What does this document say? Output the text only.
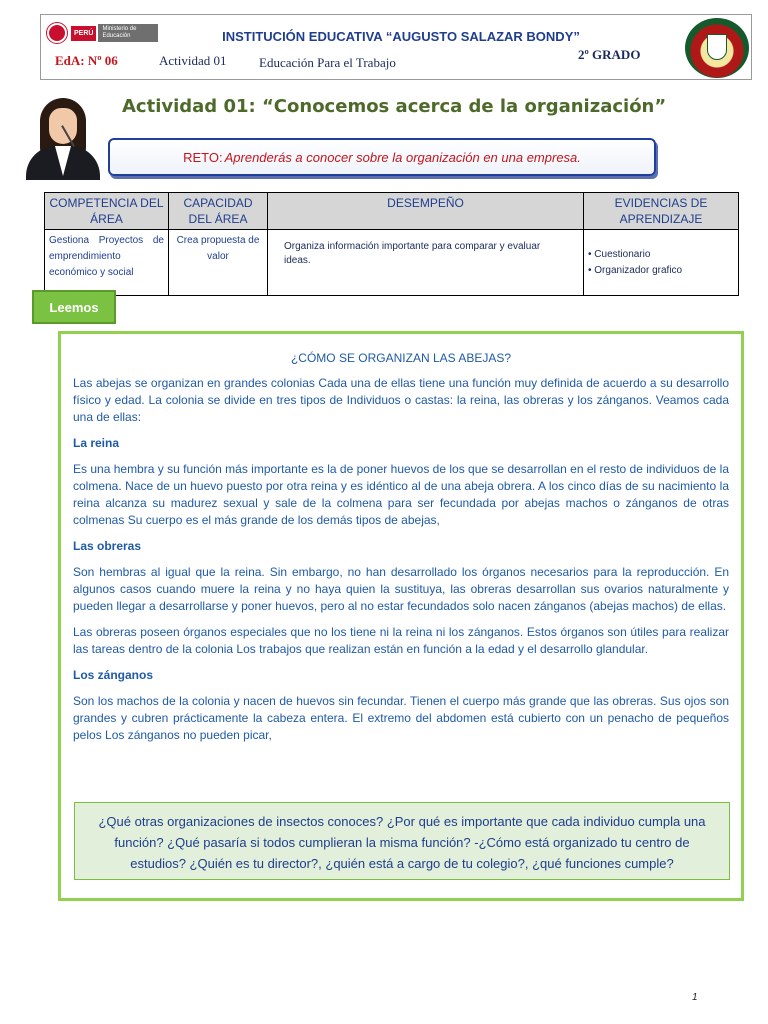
PERÚ
Ministerio de Educación	INSTITUCIÓN EDUCATIVA “AUGUSTO SALAZAR BONDY”
EdA: Nº 06	Actividad 01 Educación Para el Trabajo
2º GRADO
Actividad 01: “Conocemos acerca de la organización”
RETO: Aprenderás a conocer sobre la organización en una empresa.
COMPETENCIA DEL ÁREA	CAPACIDAD DEL ÁREA	DESEMPEÑO	EVIDENCIAS DE APRENDIZAJE
Gestiona Proyectos de emprendimiento económico y social	Crea propuesta de valor	Organiza información importante para comparar y evaluar ideas.	• Cuestionario
• Organizador grafico
Leemos
¿CÓMO SE ORGANIZAN LAS ABEJAS?

Las abejas se organizan en grandes colonias Cada una de ellas tiene una función muy definida de acuerdo a su desarrollo físico y edad. La colonia se divide en tres tipos de Individuos o castas: la reina, las obreras y los zánganos. Veamos cada una de ellas:

La reina

Es una hembra y su función más importante es la de poner huevos de los que se desarrollan en el resto de individuos de la colmena. Nace de un huevo puesto por otra reina y es idéntico al de una abeja obrera. A los cinco días de su nacimiento la reina alcanza su madurez sexual y sale de la colmena para ser fecundada por abejas machos o zánganos de otras colmenas Su cuerpo es el más grande de los demás tipos de abejas,

Las obreras

Son hembras al igual que la reina. Sin embargo, no han desarrollado los órganos necesarios para la reproducción. En algunos casos cuando muere la reina y no haya quien la sustituya, las obreras desarrollan sus ovarios naturalmente y pueden llegar a desarrollarse y poner huevos, pero al no estar fecundados solo nacen zánganos (abejas machos) de ellas.

Las obreras poseen órganos especiales que no los tiene ni la reina ni los zánganos. Estos órganos son útiles para realizar las tareas dentro de la colonia Los trabajos que realizan están en función a la edad y el desarrollo glandular.

Los zánganos

Son los machos de la colonia y nacen de huevos sin fecundar. Tienen el cuerpo más grande que las obreras. Sus ojos son grandes y cubren prácticamente la cabeza entera. El extremo del abdomen está cubierto con un penacho de pequeños pelos Los zánganos no pueden picar,

¿Qué otras organizaciones de insectos conoces? ¿Por qué es importante que cada individuo cumpla una función? ¿Qué pasaría si todos cumplieran la misma función? -¿Cómo está organizado tu centro de estudios? ¿Quién es tu director?, ¿quién está a cargo de tu colegio?, ¿qué funciones cumple?
1
